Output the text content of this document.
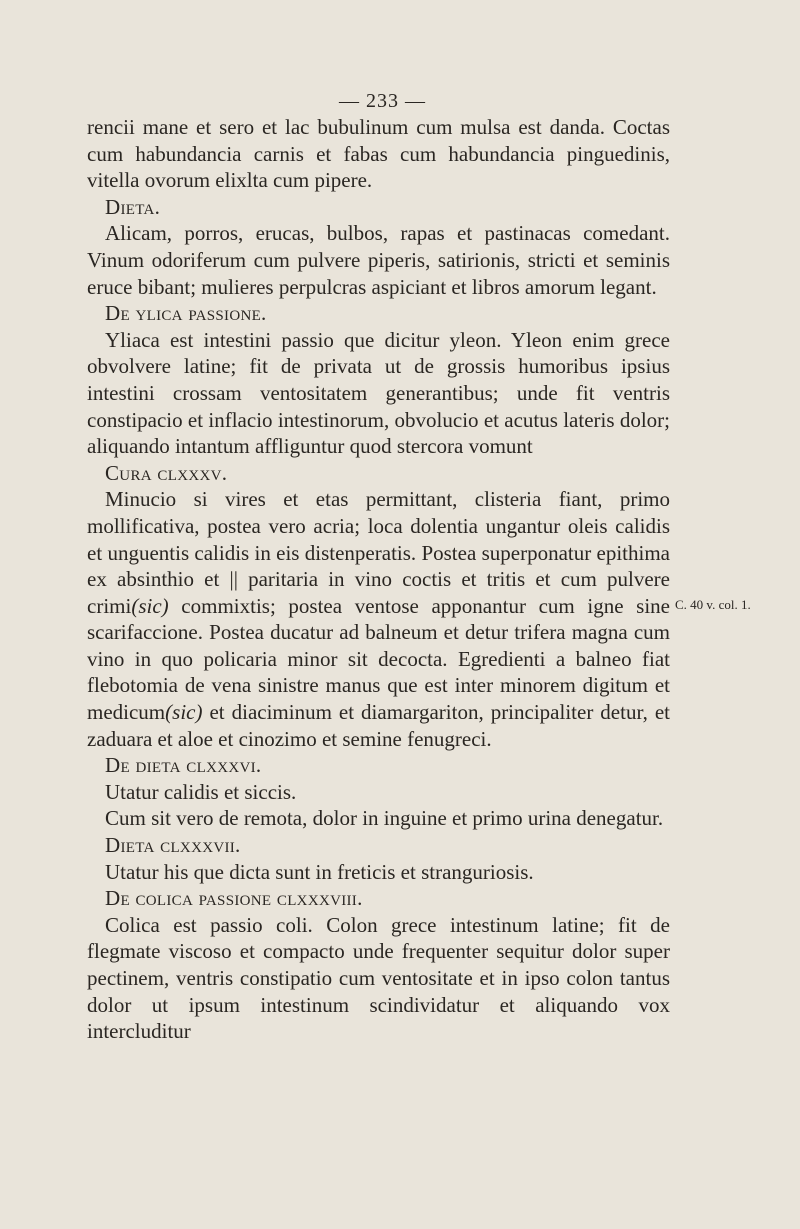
— 233 —
rencii mane et sero et lac bubulinum cum mulsa est danda. Coctas cum habundancia carnis et fabas cum habundancia pinguedinis, vitella ovorum elixlta cum pipere.
Dieta.
Alicam, porros, erucas, bulbos, rapas et pastinacas comedant. Vinum odoriferum cum pulvere piperis, satirionis, stricti et seminis eruce bibant; mulieres perpulcras aspiciant et libros amorum legant.
De ylica passione.
Yliaca est intestini passio que dicitur yleon. Yleon enim grece obvolvere latine; fit de privata ut de grossis humoribus ipsius intestini crossam ventositatem generantibus; unde fit ventris constipacio et inflacio intestinorum, obvolucio et acutus lateris dolor; aliquando intantum affliguntur quod stercora vomunt
Cura clxxxv.
Minucio si vires et etas permittant, clisteria fiant, primo mollificativa, postea vero acria; loca dolentia ungantur oleis calidis et unguentis calidis in eis distenperatis. Postea superponatur epithima ex absinthio et || paritaria in vino coctis et tritis et cum pulvere crimi(sic) commixtis; postea ventose apponantur cum igne sine scarifaccione. Postea ducatur ad balneum et detur trifera magna cum vino in quo policaria minor sit decocta. Egredienti a balneo fiat flebotomia de vena sinistre manus que est inter minorem digitum et medicum(sic) et diaciminum et diamargariton, principaliter detur, et zaduara et aloe et cinozimo et semine fenugreci.
De dieta clxxxvi.
Utatur calidis et siccis.
Cum sit vero de remota, dolor in inguine et primo urina denegatur.
Dieta clxxxvii.
Utatur his que dicta sunt in freticis et stranguriosis.
De colica passione clxxxviii.
Colica est passio coli. Colon grece intestinum latine; fit de flegmate viscoso et compacto unde frequenter sequitur dolor super pectinem, ventris constipatio cum ventositate et in ipso colon tantus dolor ut ipsum intestinum scindividatur et aliquando vox intercluditur
C. 40 v. col. 1.
